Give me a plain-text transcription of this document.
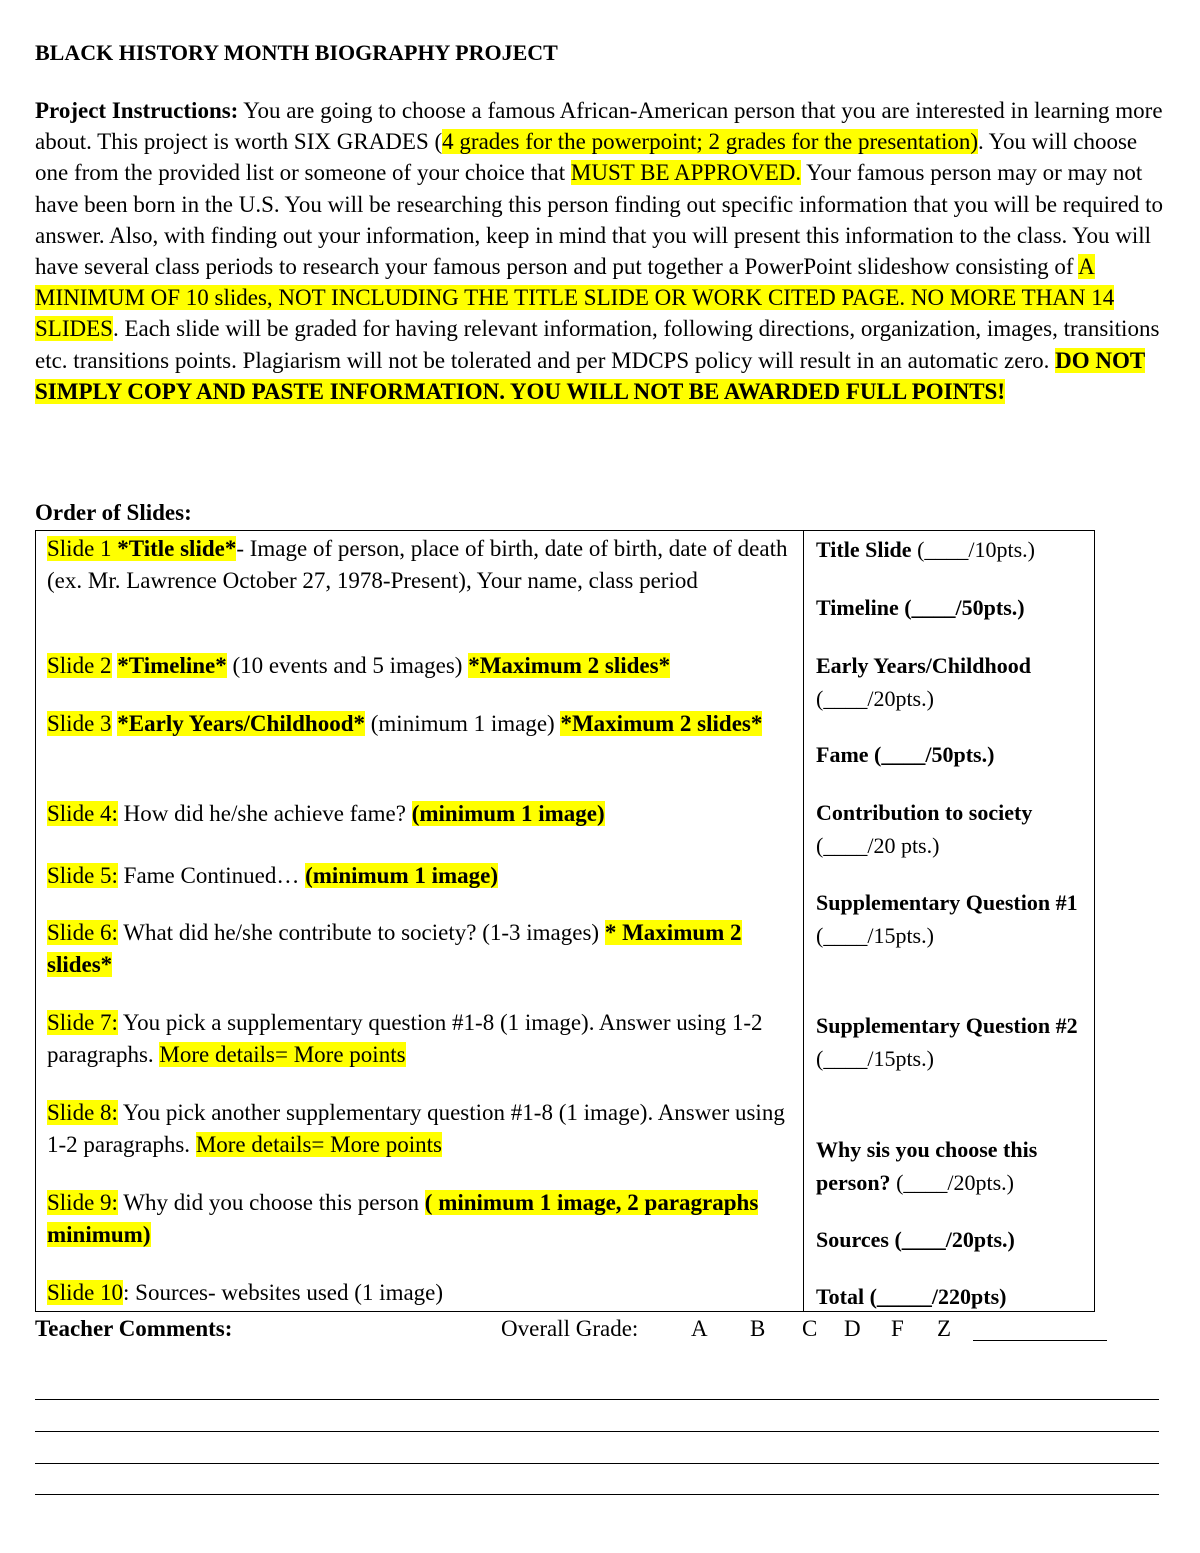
BLACK HISTORY MONTH BIOGRAPHY PROJECT

Project Instructions: You are going to choose a famous African-American person that you are interested in learning more about. This project is worth SIX GRADES (4 grades for the powerpoint; 2 grades for the presentation). You will choose one from the provided list or someone of your choice that MUST BE APPROVED. Your famous person may or may not have been born in the U.S. You will be researching this person finding out specific information that you will be required to answer. Also, with finding out your information, keep in mind that you will present this information to the class. You will have several class periods to research your famous person and put together a PowerPoint slideshow consisting of A MINIMUM OF 10 slides, NOT INCLUDING THE TITLE SLIDE OR WORK CITED PAGE. NO MORE THAN 14 SLIDES. Each slide will be graded for having relevant information, following directions, organization, images, transitions etc. transitions points. Plagiarism will not be tolerated and per MDCPS policy will result in an automatic zero. DO NOT SIMPLY COPY AND PASTE INFORMATION. YOU WILL NOT BE AWARDED FULL POINTS!

Order of Slides:

Slide 1 *Title slide*- Image of person, place of birth, date of birth, date of death (ex. Mr. Lawrence October 27, 1978-Present), Your name, class period

Slide 2 *Timeline* (10 events and 5 images) *Maximum 2 slides*

Slide 3 *Early Years/Childhood* (minimum 1 image) *Maximum 2 slides*

Slide 4: How did he/she achieve fame? (minimum 1 image)

Slide 5: Fame Continued… (minimum 1 image)

Slide 6: What did he/she contribute to society? (1-3 images) * Maximum 2 slides*

Slide 7: You pick a supplementary question #1-8 (1 image). Answer using 1-2 paragraphs. More details= More points

Slide 8: You pick another supplementary question #1-8 (1 image). Answer using 1-2 paragraphs. More details= More points

Slide 9: Why did you choose this person ( minimum 1 image, 2 paragraphs minimum)

Slide 10: Sources- websites used (1 image)

Title Slide (____/10pts.)

Timeline (____/50pts.)

Early Years/Childhood
(____/20pts.)

Fame (____/50pts.)

Contribution to society
(____/20 pts.)

Supplementary Question #1
(____/15pts.)

Supplementary Question #2
(____/15pts.)

Why sis you choose this person? (____/20pts.)

Sources (____/20pts.)

Total (_____/220pts)

Teacher Comments:	Overall Grade: A B C D F Z
